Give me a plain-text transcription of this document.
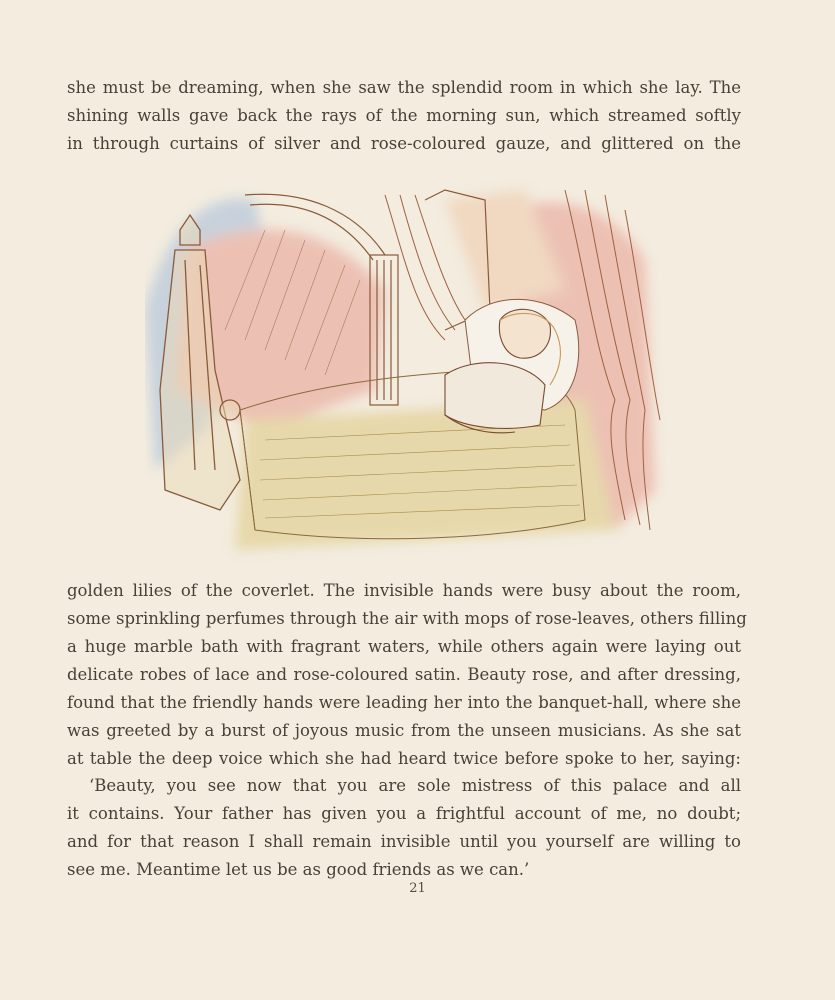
she must be dreaming, when she saw the splendid room in which she lay. The
shining walls gave back the rays of the morning sun, which streamed softly
in through curtains of silver and rose-coloured gauze, and glittered on the
golden lilies of the coverlet. The invisible hands were busy about the room,
some sprinkling perfumes through the air with mops of rose-leaves, others filling
a huge marble bath with fragrant waters, while others again were laying out
delicate robes of lace and rose-coloured satin. Beauty rose, and after dressing,
found that the friendly hands were leading her into the banquet-hall, where she
was greeted by a burst of joyous music from the unseen musicians. As she sat
at table the deep voice which she had heard twice before spoke to her, saying:
‘Beauty, you see now that you are sole mistress of this palace and all
it contains. Your father has given you a frightful account of me, no doubt;
and for that reason I shall remain invisible until you yourself are willing to
see me. Meantime let us be as good friends as we can.’
21
